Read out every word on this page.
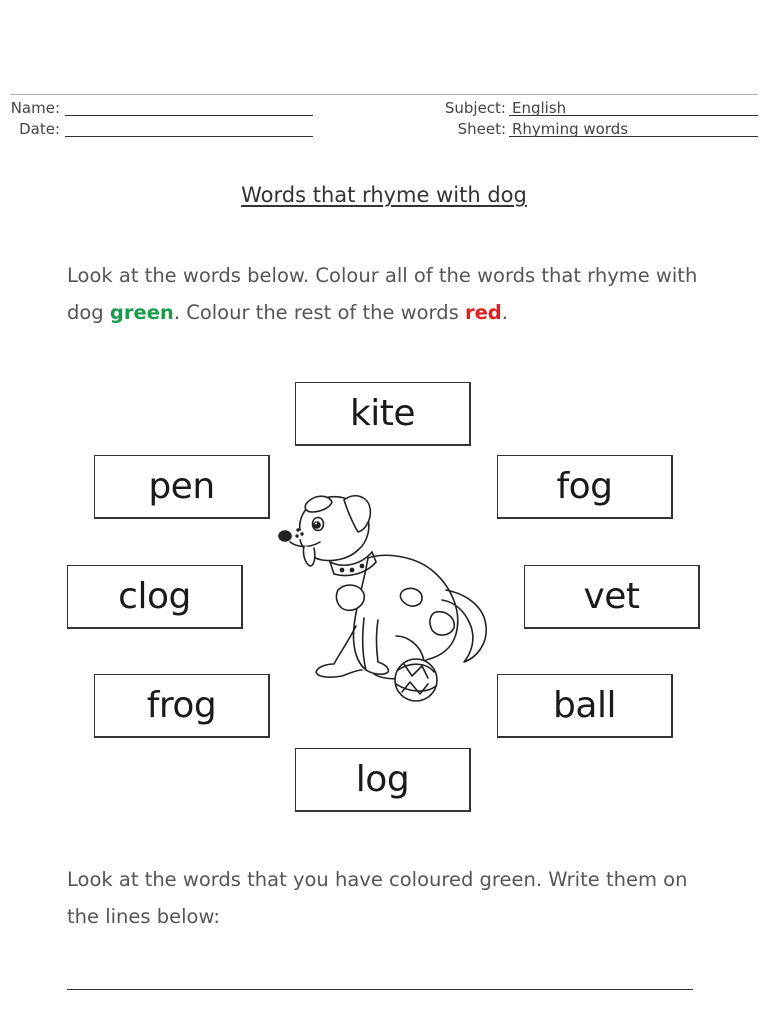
Name:
Date:
Subject: English
Sheet: Rhyming words
Words that rhyme with dog
Look at the words below. Colour all of the words that rhyme with dog green. Colour the rest of the words red.
kite
pen	fog
clog	vet
frog	ball
log
Look at the words that you have coloured green. Write them on the lines below:
